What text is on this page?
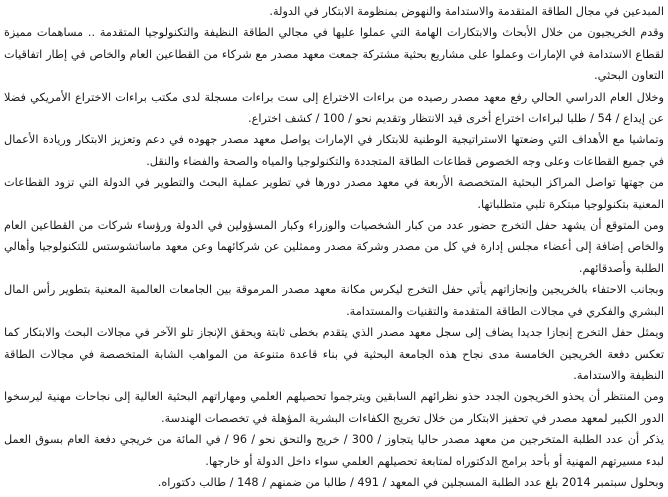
المبدعين في مجال الطاقة المتقدمة والاستدامة والنهوض بمنظومة الابتكار في الدولة.

وقدم الخريجيون من خلال الأبحاث والابتكارات الهامة التي عملوا عليها في مجالي الطاقة النظيفة والتكنولوجيا المتقدمة .. مساهمات مميزة لقطاع الاستدامة في الإمارات وعملوا على مشاريع بحثية مشتركة جمعت معهد مصدر مع شركاء من القطاعين العام والخاص في إطار اتفاقيات التعاون البحثي.

وخلال العام الدراسي الحالي رفع معهد مصدر رصيده من براءات الاختراع إلى ست براءات مسجلة لدى مكتب براءات الاختراع الأمريكي فضلا عن إيداع / 54 / طلبا لبراءات اختراع أخرى قيد الانتظار وتقديم نحو / 100 / كشف اختراع.

وتماشيا مع الأهداف التي وضعتها الاستراتيجية الوطنية للابتكار في الإمارات يواصل معهد مصدر جهوده في دعم وتعزيز الابتكار وريادة الأعمال في جميع القطاعات وعلى وجه الخصوص قطاعات الطاقة المتجددة والتكنولوجيا والمياه والصحة والفضاء والنقل.

من جهتها تواصل المراكز البحثية المتخصصة الأربعة في معهد مصدر دورها في تطوير عملية البحث والتطوير في الدولة التي تزود القطاعات المعنية بتكنولوجيا مبتكرة تلبي متطلباتها.

ومن المتوقع أن يشهد حفل التخرج حضور عدد من كبار الشخصيات والوزراء وكبار المسؤولين في الدولة ورؤساء شركات من القطاعين العام والخاص إضافة إلى أعضاء مجلس إدارة في كل من مصدر وشركة مصدر وممثلين عن شركائهما وعن معهد ماساتشوستس للتكنولوجيا وأهالي الطلبة وأصدقائهم.

وبجانب الاحتفاء بالخريجين وإنجازاتهم يأتي حفل التخرج ليكرس مكانة معهد مصدر المرموقة بين الجامعات العالمية المعنية بتطوير رأس المال البشري والفكري في مجالات الطاقة المتقدمة والتقنيات والمستدامة.

ويمثل حفل التخرج إنجازا جديدا يضاف إلى سجل معهد مصدر الذي يتقدم بخطى ثابتة ويحقق الإنجاز تلو الآخر في مجالات البحث والابتكار كما تعكس دفعة الخريجين الخامسة مدى نجاح هذه الجامعة البحثية في بناء قاعدة متنوعة من المواهب الشابة المتخصصة في مجالات الطاقة النظيفة والاستدامة.

ومن المنتظر أن يحذو الخريجون الجدد حذو نظرائهم السابقين ويترجموا تحصيلهم العلمي ومهاراتهم البحثية العالية إلى نجاحات مهنية ليرسخوا الدور الكبير لمعهد مصدر في تحفيز الابتكار من خلال تخريج الكفاءات البشرية المؤهلة في تخصصات الهندسة.

يذكر أن عدد الطلبة المتخرجين من معهد مصدر حاليا يتجاوز / 300 / خريج والتحق نحو / 96 / في المائة من خريجي دفعة العام بسوق العمل لبدء مسيرتهم المهنية أو بأحد برامج الدكتوراه لمتابعة تحصيلهم العلمي سواء داخل الدولة أو خارجها.

وبحلول سبتمبر 2014 بلغ عدد الطلبة المسجلين في المعهد / 491 / طالبا من ضمنهم / 148 / طالب دكتوراه.
